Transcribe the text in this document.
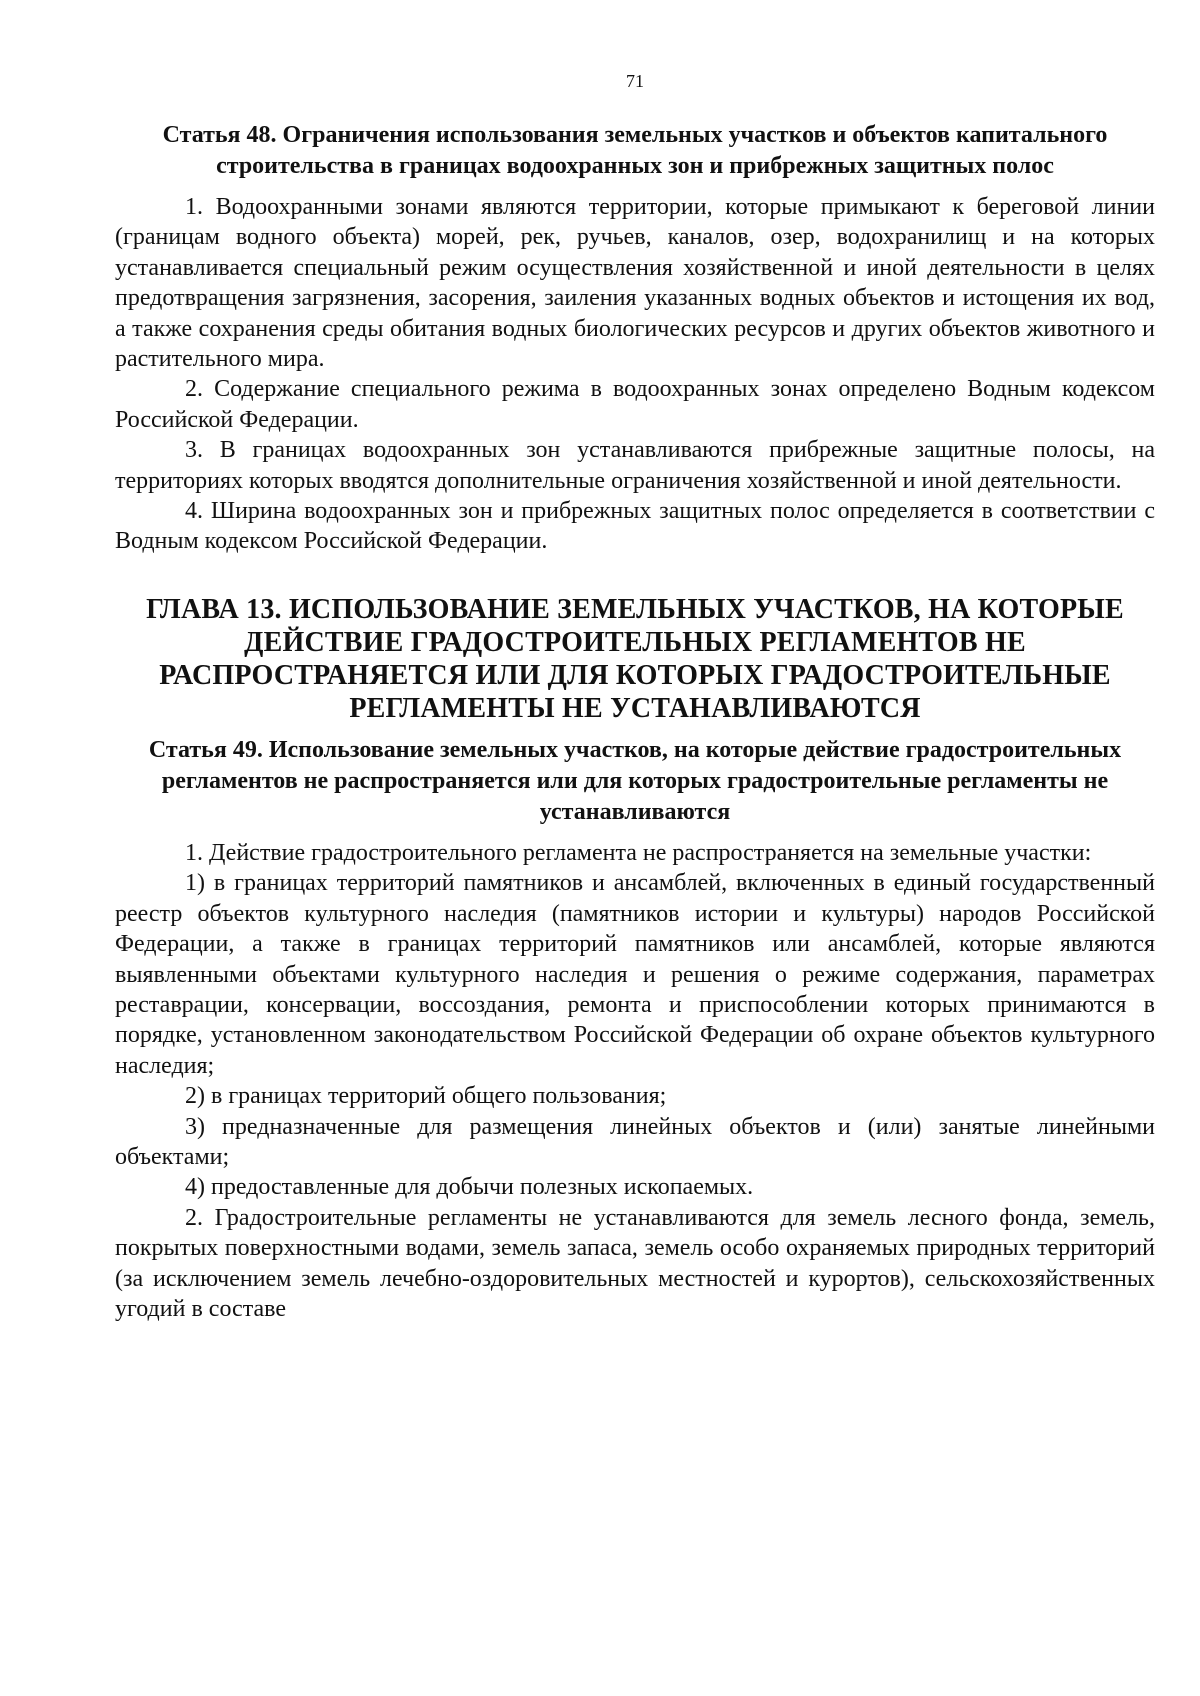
71
Статья 48. Ограничения использования земельных участков и объектов капитального строительства в границах водоохранных зон и прибрежных защитных полос

1. Водоохранными зонами являются территории, которые примыкают к береговой линии (границам водного объекта) морей, рек, ручьев, каналов, озер, водохранилищ и на которых устанавливается специальный режим осуществления хозяйственной и иной деятельности в целях предотвращения загрязнения, засорения, заиления указанных водных объектов и истощения их вод, а также сохранения среды обитания водных биологических ресурсов и других объектов животного и растительного мира.

2. Содержание специального режима в водоохранных зонах определено Водным кодексом Российской Федерации.

3. В границах водоохранных зон устанавливаются прибрежные защитные полосы, на территориях которых вводятся дополнительные ограничения хозяйственной и иной деятельности.

4. Ширина водоохранных зон и прибрежных защитных полос определяется в соответствии с Водным кодексом Российской Федерации.

ГЛАВА 13. ИСПОЛЬЗОВАНИЕ ЗЕМЕЛЬНЫХ УЧАСТКОВ, НА КОТОРЫЕ ДЕЙСТВИЕ ГРАДОСТРОИТЕЛЬНЫХ РЕГЛАМЕНТОВ НЕ РАСПРОСТРАНЯЕТСЯ ИЛИ ДЛЯ КОТОРЫХ ГРАДОСТРОИТЕЛЬНЫЕ РЕГЛАМЕНТЫ НЕ УСТАНАВЛИВАЮТСЯ
Статья 49. Использование земельных участков, на которые действие градостроительных регламентов не распространяется или для которых градостроительные регламенты не устанавливаются

1. Действие градостроительного регламента не распространяется на земельные участки:

1) в границах территорий памятников и ансамблей, включенных в единый государственный реестр объектов культурного наследия (памятников истории и культуры) народов Российской Федерации, а также в границах территорий памятников или ансамблей, которые являются выявленными объектами культурного наследия и решения о режиме содержания, параметрах реставрации, консервации, воссоздания, ремонта и приспособлении которых принимаются в порядке, установленном законодательством Российской Федерации об охране объектов культурного наследия;

2) в границах территорий общего пользования;

3) предназначенные для размещения линейных объектов и (или) занятые линейными объектами;

4) предоставленные для добычи полезных ископаемых.

2. Градостроительные регламенты не устанавливаются для земель лесного фонда, земель, покрытых поверхностными водами, земель запаса, земель особо охраняемых природных территорий (за исключением земель лечебно-оздоровительных местностей и курортов), сельскохозяйственных угодий в составе
